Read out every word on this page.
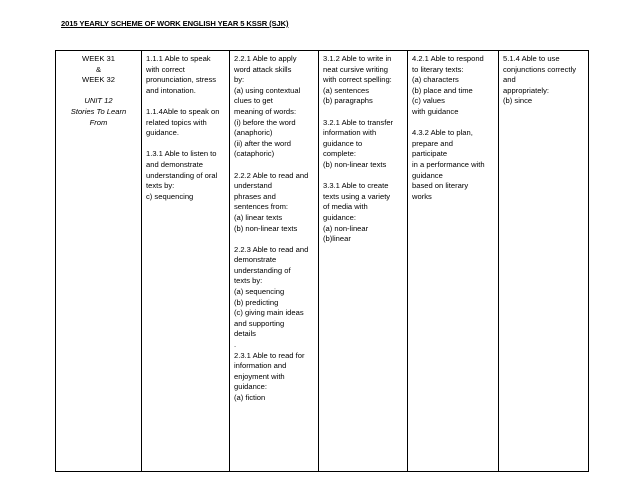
2015 YEARLY SCHEME OF WORK ENGLISH YEAR 5 KSSR (SJK)
WEEK 31
&
WEEK 32
UNIT 12
Stories To Learn
From

1.1.1 Able to speak
with correct
pronunciation, stress
and intonation.
1.1.4Able to speak on
related topics with
guidance.
1.3.1 Able to listen to
and demonstrate
understanding of oral
texts by:
c) sequencing

2.2.1 Able to apply
word attack skills
by:
(a) using contextual
clues to get
meaning of words:
(i) before the word
(anaphoric)
(ii) after the word
(cataphoric)
2.2.2 Able to read and
understand
phrases and
sentences from:
(a) linear texts
(b) non-linear texts
2.2.3 Able to read and
demonstrate
understanding of
texts by:
(a) sequencing
(b) predicting
(c) giving main ideas
and supporting
details
.
2.3.1 Able to read for
information and
enjoyment with
guidance:
(a) fiction

3.1.2 Able to write in
neat cursive writing
with correct spelling:
(a) sentences
(b) paragraphs
3.2.1 Able to transfer
information with
guidance to
complete:
(b) non-linear texts
3.3.1 Able to create
texts using a variety
of media with
guidance:
(a) non-linear
(b)linear

4.2.1 Able to respond
to literary texts:
(a) characters
(b) place and time
(c) values
with guidance
4.3.2 Able to plan,
prepare and
participate
in a performance with
guidance
based on literary
works

5.1.4 Able to use
conjunctions correctly
and
appropriately:
(b) since
